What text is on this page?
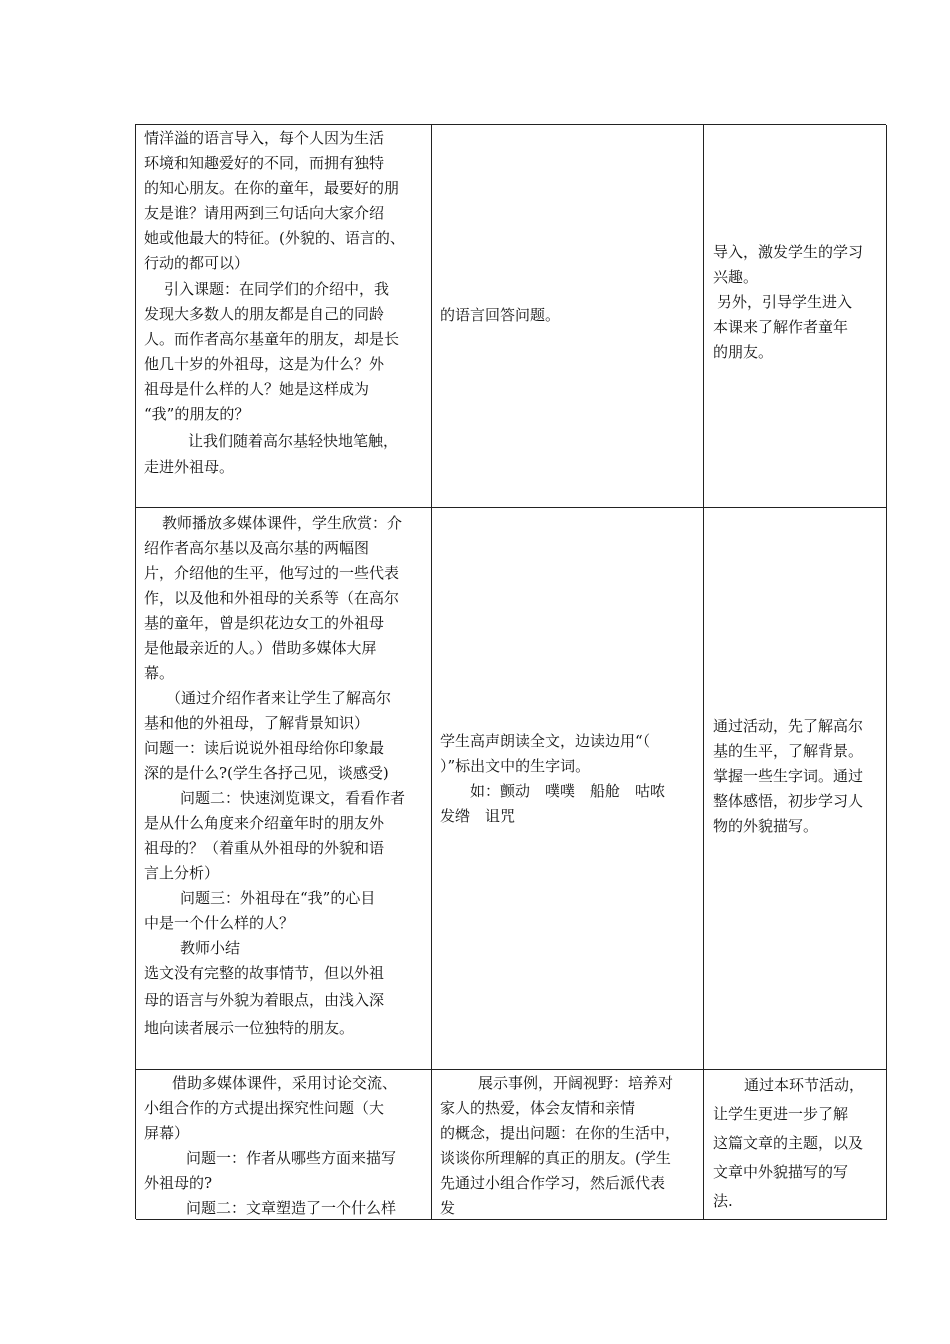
情洋溢的语言导入，每个人因为生活

环境和知趣爱好的不同，而拥有独特

的知心朋友。在你的童年，最要好的朋

友是谁？请用两到三句话向大家介绍

她或他最大的特征。(外貌的、语言的、

行动的都可以）

引入课题：在同学们的介绍中，我

发现大多数人的朋友都是自己的同龄

人。而作者高尔基童年的朋友，却是长

他几十岁的外祖母，这是为什么？外

祖母是什么样的人？她是这样成为

“我”的朋友的？

让我们随着高尔基轻快地笔触，

走进外祖母。

的语言回答问题。

导入，激发学生的学习

兴趣。

另外，引导学生进入

本课来了解作者童年

的朋友。

教师播放多媒体课件，学生欣赏：介

绍作者高尔基以及高尔基的两幅图

片，介绍他的生平，他写过的一些代表

作，以及他和外祖母的关系等（在高尔

基的童年，曾是织花边女工的外祖母

是他最亲近的人。）借助多媒体大屏

幕。

（通过介绍作者来让学生了解高尔

基和他的外祖母，了解背景知识）

问题一：读后说说外祖母给你印象最

深的是什么?(学生各抒己见，谈感受)

问题二：快速浏览课文，看看作者

是从什么角度来介绍童年时的朋友外

祖母的？（着重从外祖母的外貌和语

言上分析）

问题三：外祖母在“我”的心目

中是一个什么样的人？

教师小结

选文没有完整的故事情节，但以外祖

母的语言与外貌为着眼点，由浅入深

地向读者展示一位独特的朋友。

学生高声朗读全文，边读边用“（

）”标出文中的生字词。

如：颤动　噗噗　船舱　咕哝

发绺　诅咒

通过活动，先了解高尔

基的生平，了解背景。

掌握一些生字词。通过

整体感悟，初步学习人

物的外貌描写。

借助多媒体课件，采用讨论交流、

小组合作的方式提出探究性问题（大

屏幕）

问题一：作者从哪些方面来描写

外祖母的?

问题二：文章塑造了一个什么样

展示事例，开阔视野：培养对

家人的热爱，体会友情和亲情

的概念，提出问题：在你的生活中，

谈谈你所理解的真正的朋友。(学生

先通过小组合作学习，然后派代表

发

通过本环节活动，

让学生更进一步了解

这篇文章的主题，以及

文章中外貌描写的写

法.
